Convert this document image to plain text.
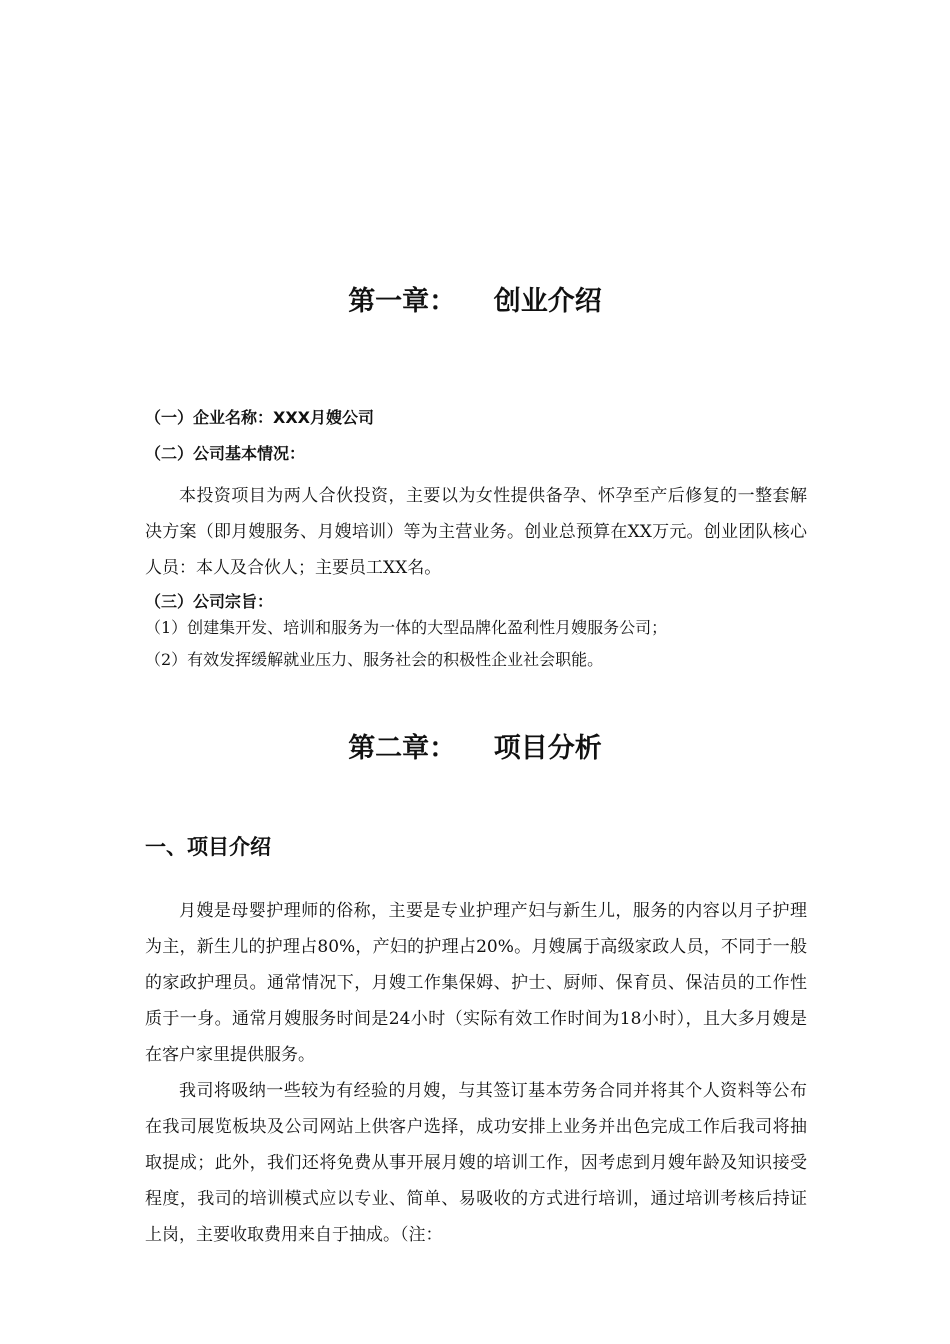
第一章：    创业介绍

（一）企业名称：XXX月嫂公司

（二）公司基本情况：

本投资项目为两人合伙投资，主要以为女性提供备孕、怀孕至产后修复的一整套解决方案（即月嫂服务、月嫂培训）等为主营业务。创业总预算在XX万元。创业团队核心人员：本人及合伙人；主要员工XX名。

（三）公司宗旨：

（1）创建集开发、培训和服务为一体的大型品牌化盈利性月嫂服务公司；

（2）有效发挥缓解就业压力、服务社会的积极性企业社会职能。

第二章：    项目分析
一、项目介绍

月嫂是母婴护理师的俗称，主要是专业护理产妇与新生儿，服务的内容以月子护理为主，新生儿的护理占80%，产妇的护理占20%。月嫂属于高级家政人员，不同于一般的家政护理员。通常情况下，月嫂工作集保姆、护士、厨师、保育员、保洁员的工作性质于一身。通常月嫂服务时间是24小时（实际有效工作时间为18小时），且大多月嫂是在客户家里提供服务。

我司将吸纳一些较为有经验的月嫂，与其签订基本劳务合同并将其个人资料等公布在我司展览板块及公司网站上供客户选择，成功安排上业务并出色完成工作后我司将抽取提成；此外，我们还将免费从事开展月嫂的培训工作，因考虑到月嫂年龄及知识接受程度，我司的培训模式应以专业、简单、易吸收的方式进行培训，通过培训考核后持证上岗，主要收取费用来自于抽成。（注：
